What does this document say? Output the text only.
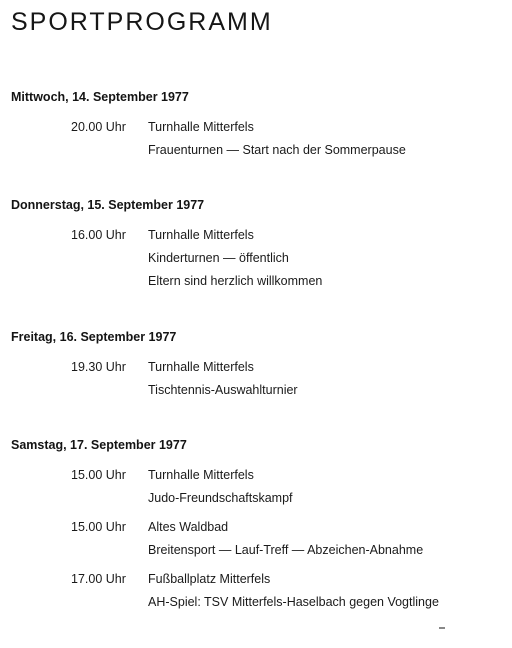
SPORTPROGRAMM
Mittwoch, 14. September 1977
20.00 Uhr Turnhalle Mitterfels
Frauenturnen — Start nach der Sommerpause
Donnerstag, 15. September 1977
16.00 Uhr Turnhalle Mitterfels
Kinderturnen — öffentlich
Eltern sind herzlich willkommen
Freitag, 16. September 1977
19.30 Uhr Turnhalle Mitterfels
Tischtennis-Auswahlturnier
Samstag, 17. September 1977
15.00 Uhr Turnhalle Mitterfels
Judo-Freundschaftskampf
15.00 Uhr Altes Waldbad
Breitensport — Lauf-Treff — Abzeichen-Abnahme
17.00 Uhr Fußballplatz Mitterfels
AH-Spiel: TSV Mitterfels-Haselbach gegen Vogtlinge
